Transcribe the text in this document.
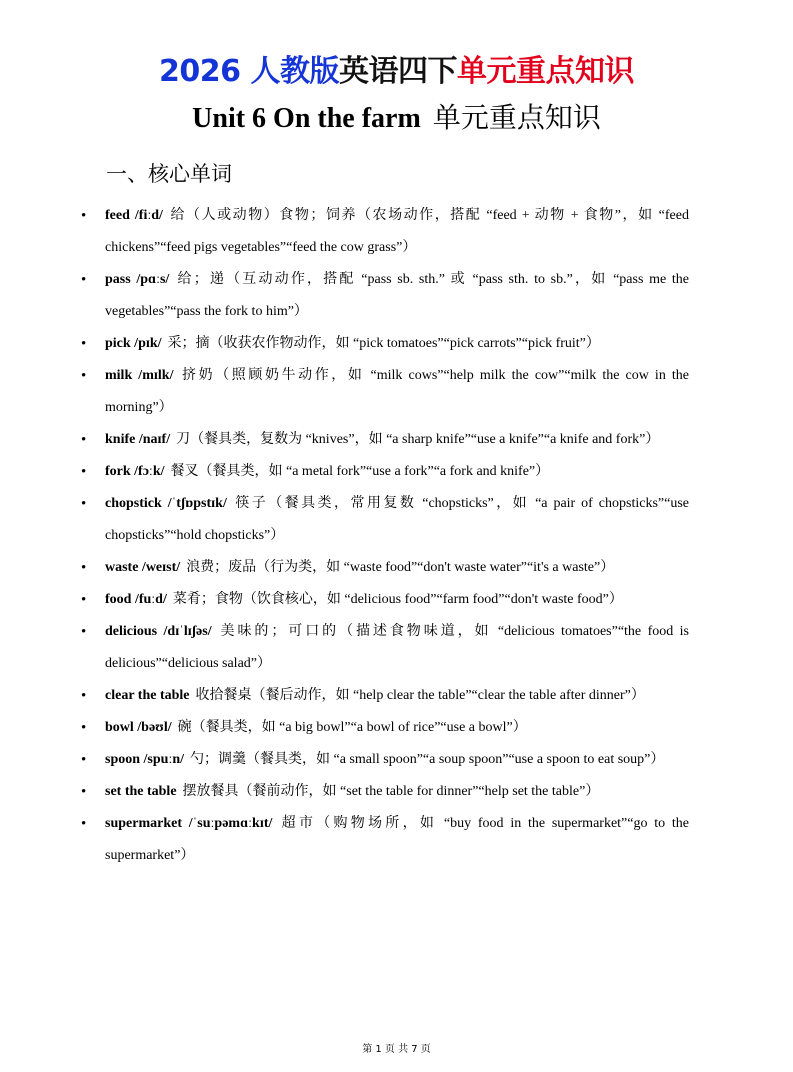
2026 人教版英语四下单元重点知识
Unit 6 On the farm 单元重点知识
一、核心单词
• feed /fiːd/ 给（人或动物）食物；饲养（农场动作，搭配 “feed + 动物 + 食物”，如 “feed chickens”“feed pigs vegetables”“feed the cow grass”）
• pass /pɑːs/ 给；递（互动动作，搭配 “pass sb. sth.” 或 “pass sth. to sb.”，如 “pass me the vegetables”“pass the fork to him”）
• pick /pɪk/ 采；摘（收获农作物动作，如 “pick tomatoes”“pick carrots”“pick fruit”）
• milk /mɪlk/ 挤奶（照顾奶牛动作，如 “milk cows”“help milk the cow”“milk the cow in the morning”）
• knife /naɪf/ 刀（餐具类，复数为 “knives”，如 “a sharp knife”“use a knife”“a knife and fork”）
• fork /fɔːk/ 餐叉（餐具类，如 “a metal fork”“use a fork”“a fork and knife”）
• chopstick /ˈtʃɒpstɪk/ 筷子（餐具类，常用复数 “chopsticks”，如 “a pair of chopsticks”“use chopsticks”“hold chopsticks”）
• waste /weɪst/ 浪费；废品（行为类，如 “waste food”“don't waste water”“it's a waste”）
• food /fuːd/ 菜肴；食物（饮食核心，如 “delicious food”“farm food”“don't waste food”）
• delicious /dɪˈlɪʃəs/ 美味的；可口的（描述食物味道，如 “delicious tomatoes”“the food is delicious”“delicious salad”）
• clear the table 收拾餐桌（餐后动作，如 “help clear the table”“clear the table after dinner”）
• bowl /bəʊl/ 碗（餐具类，如 “a big bowl”“a bowl of rice”“use a bowl”）
• spoon /spuːn/ 勺；调羹（餐具类，如 “a small spoon”“a soup spoon”“use a spoon to eat soup”）
• set the table 摆放餐具（餐前动作，如 “set the table for dinner”“help set the table”）
• supermarket /ˈsuːpəmɑːkɪt/ 超市（购物场所，如 “buy food in the supermarket”“go to the supermarket”）
第 1 页 共 7 页
